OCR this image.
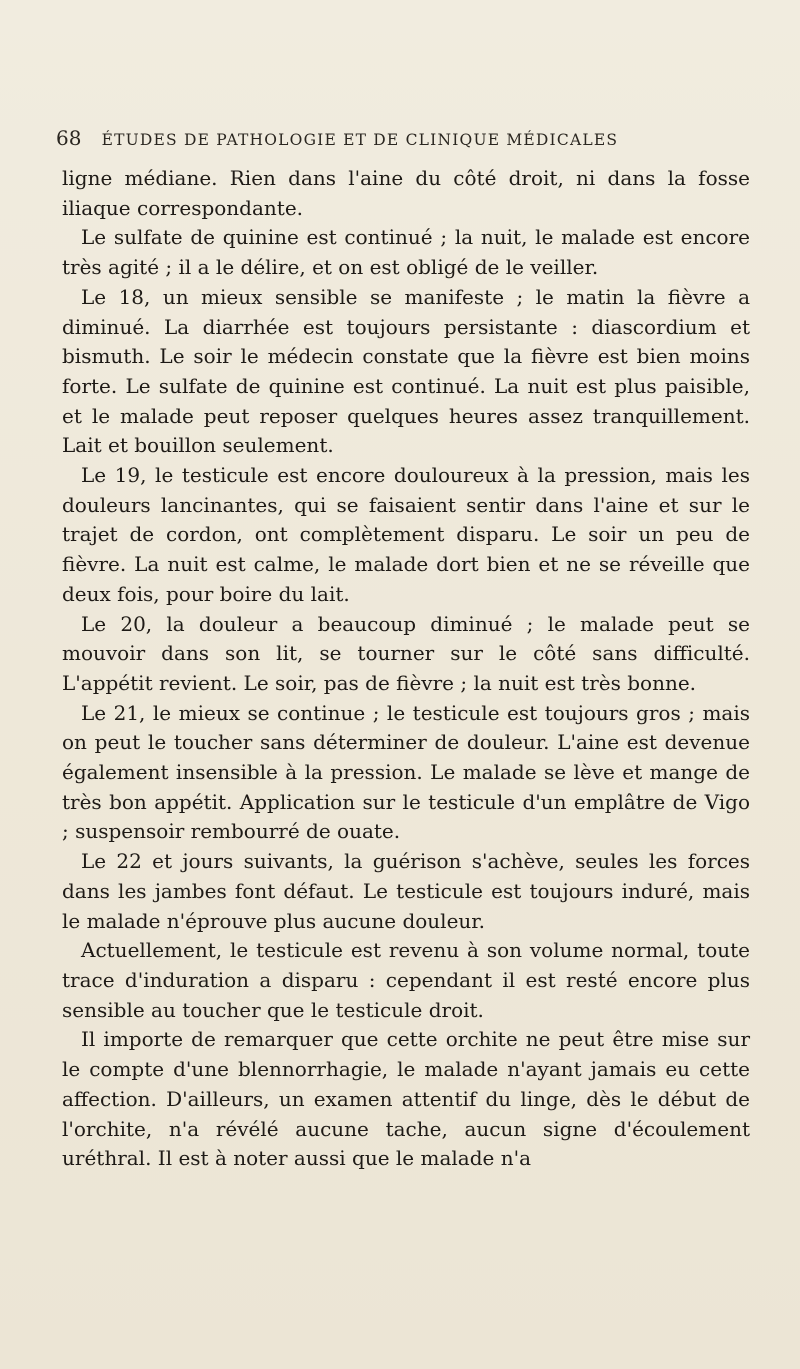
68 ÉTUDES DE PATHOLOGIE ET DE CLINIQUE MÉDICALES

ligne médiane. Rien dans l'aine du côté droit, ni dans la fosse iliaque correspondante.

Le sulfate de quinine est continué ; la nuit, le malade est encore très agité ; il a le délire, et on est obligé de le veiller.

Le 18, un mieux sensible se manifeste ; le matin la fièvre a diminué. La diarrhée est toujours persistante : diascordium et bismuth. Le soir le médecin constate que la fièvre est bien moins forte. Le sulfate de quinine est continué. La nuit est plus paisible, et le malade peut reposer quelques heures assez tranquillement. Lait et bouillon seulement.

Le 19, le testicule est encore douloureux à la pression, mais les douleurs lancinantes, qui se faisaient sentir dans l'aine et sur le trajet de cordon, ont complètement disparu. Le soir un peu de fièvre. La nuit est calme, le malade dort bien et ne se réveille que deux fois, pour boire du lait.

Le 20, la douleur a beaucoup diminué ; le malade peut se mouvoir dans son lit, se tourner sur le côté sans difficulté. L'appétit revient. Le soir, pas de fièvre ; la nuit est très bonne.

Le 21, le mieux se continue ; le testicule est toujours gros ; mais on peut le toucher sans déterminer de douleur. L'aine est devenue également insensible à la pression. Le malade se lève et mange de très bon appétit. Application sur le testicule d'un emplâtre de Vigo ; suspensoir rembourré de ouate.

Le 22 et jours suivants, la guérison s'achève, seules les forces dans les jambes font défaut. Le testicule est toujours induré, mais le malade n'éprouve plus aucune douleur.

Actuellement, le testicule est revenu à son volume normal, toute trace d'induration a disparu : cependant il est resté encore plus sensible au toucher que le testicule droit.

Il importe de remarquer que cette orchite ne peut être mise sur le compte d'une blennorrhagie, le malade n'ayant jamais eu cette affection. D'ailleurs, un examen attentif du linge, dès le début de l'orchite, n'a révélé aucune tache, aucun signe d'écoulement uréthral. Il est à noter aussi que le malade n'a
